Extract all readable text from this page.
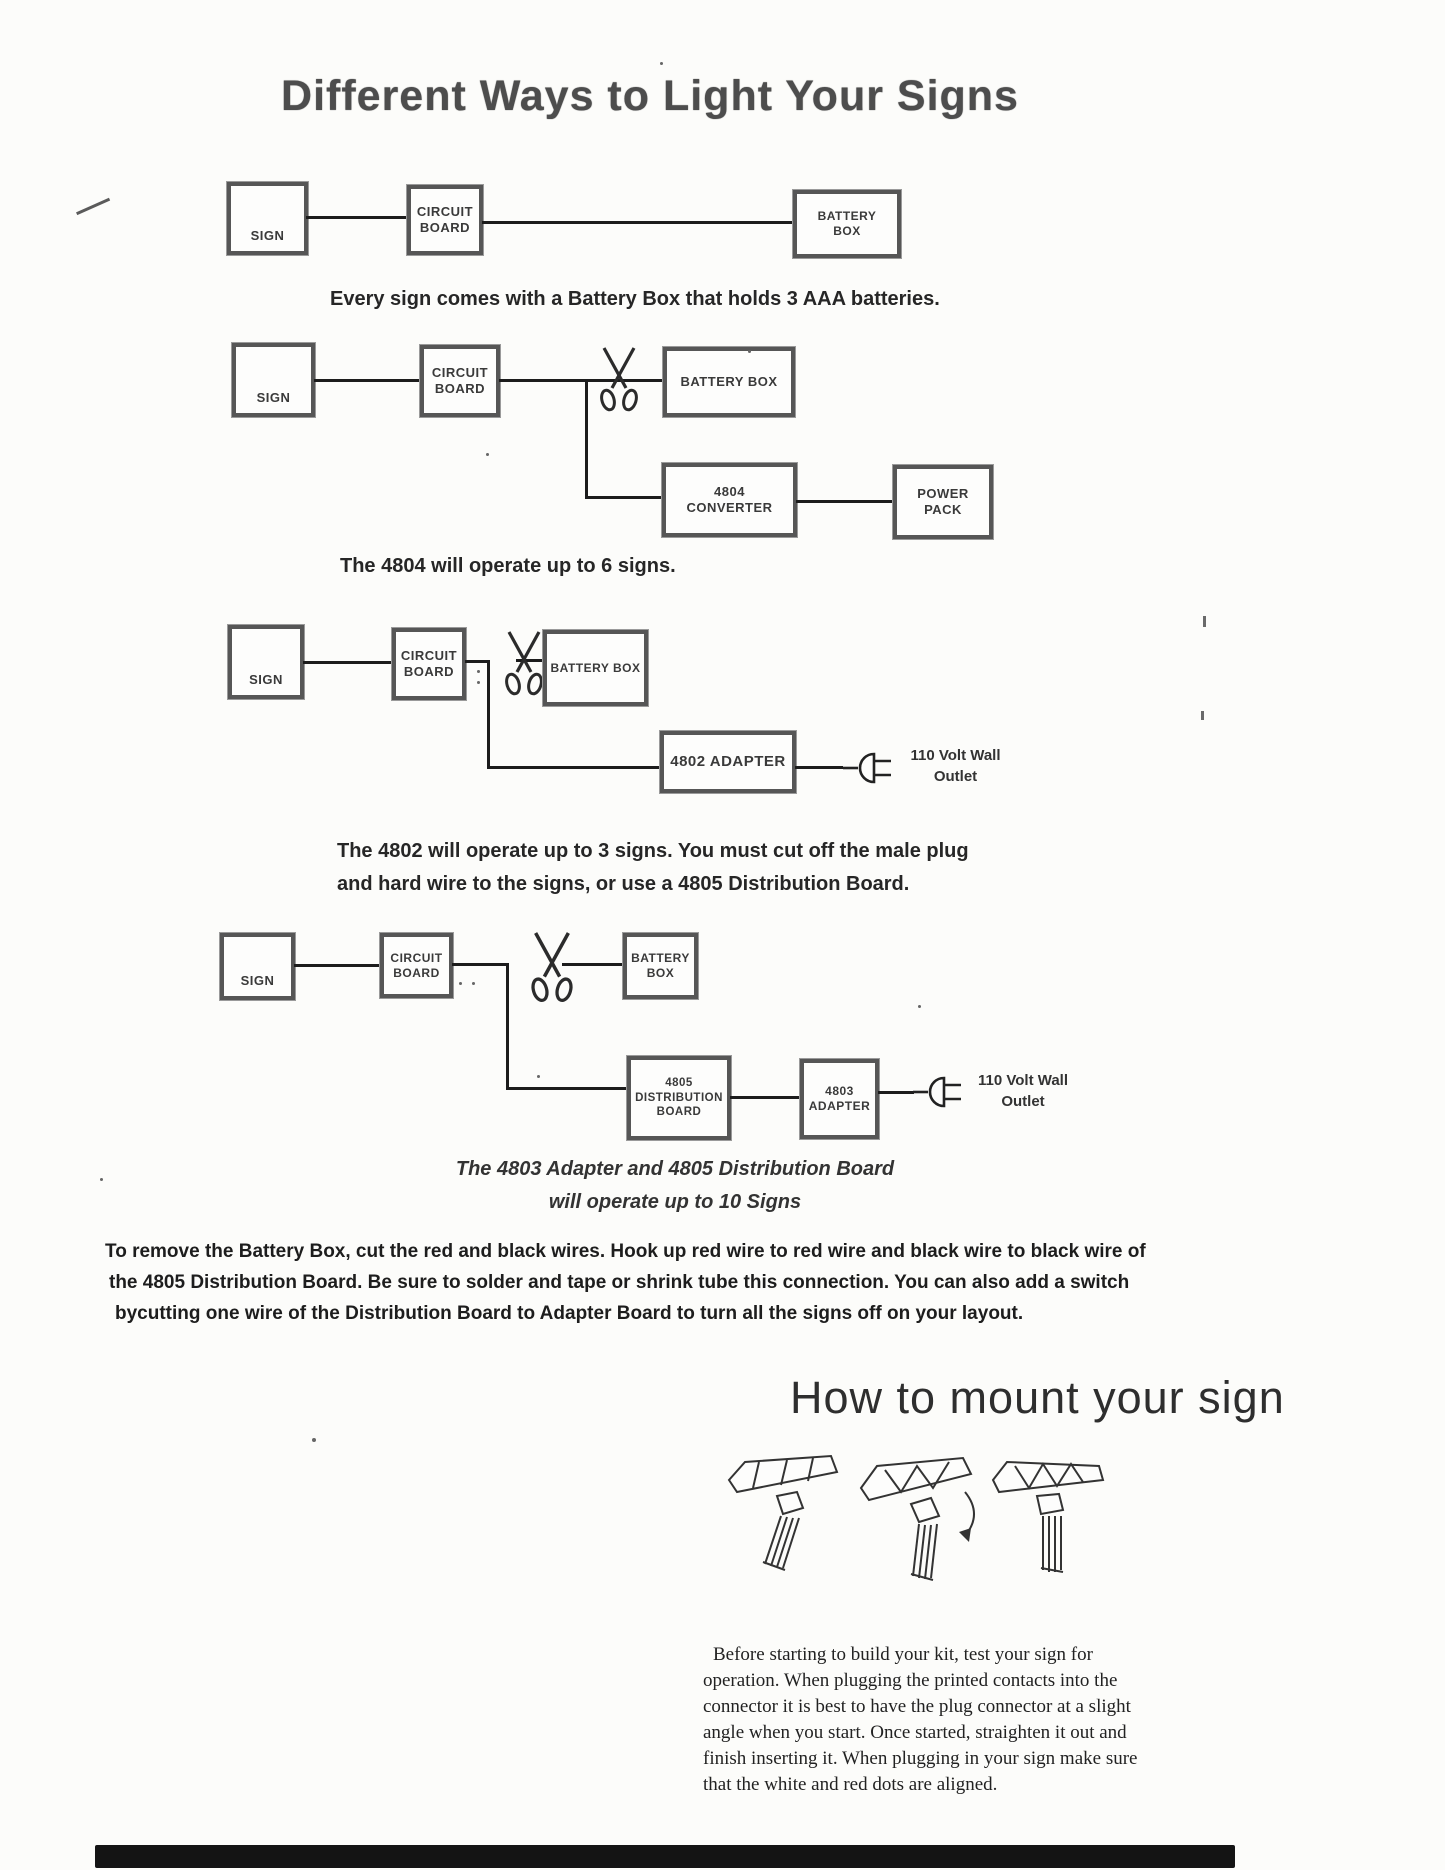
Different Ways to Light Your Signs
SIGN
CIRCUIT
BOARD
BATTERY
BOX
Every sign comes with a Battery Box that holds 3 AAA batteries.
SIGN
CIRCUIT
BOARD	BATTERY BOX
4804
CONVERTER
POWER
PACK
The 4804 will operate up to 6 signs.
SIGN
CIRCUIT
BOARD	BATTERY BOX
4802 ADAPTER	110 Volt Wall
Outlet
The 4802 will operate up to 3 signs. You must cut off the male plug
and hard wire to the signs, or use a 4805 Distribution Board.
SIGN
CIRCUIT
BOARD
BATTERY
BOX
4805
DISTRIBUTION
BOARD
4803
ADAPTER
110 Volt Wall
Outlet
The 4803 Adapter and 4805 Distribution Board
will operate up to 10 Signs
To remove the Battery Box, cut the red and black wires. Hook up red wire to red wire and black wire to black wire of
the 4805 Distribution Board. Be sure to solder and tape or shrink tube this connection. You can also add a switch
bycutting one wire of the Distribution Board to Adapter Board to turn all the signs off on your layout.
How to mount your sign
Before starting to build your kit, test your sign for operation. When plugging the printed contacts into the connector it is best to have the plug connector at a slight angle when you start. Once started, straighten it out and finish inserting it. When plugging in your sign make sure that the white and red dots are aligned.
